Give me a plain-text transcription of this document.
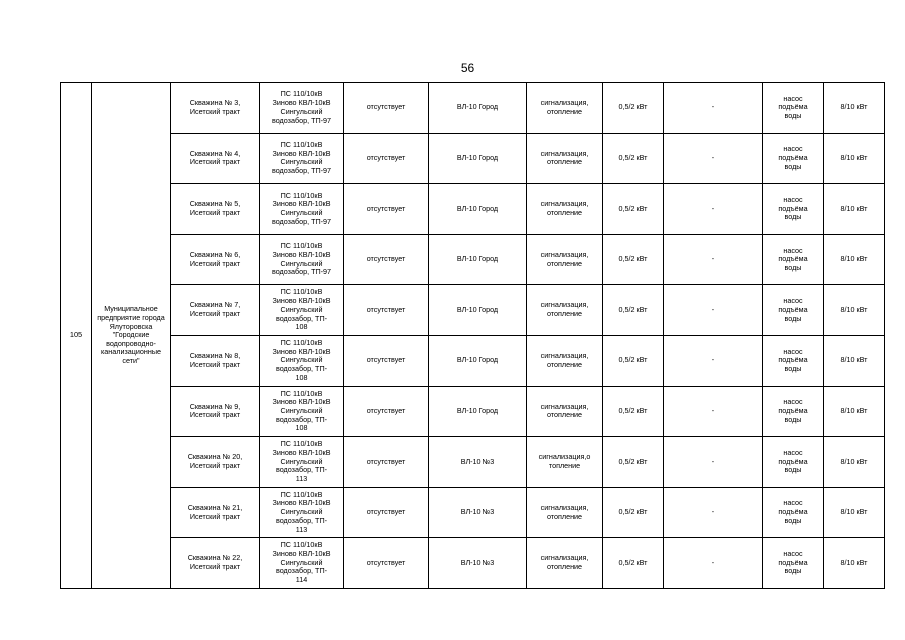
56
105	Муниципальное предприятие города Ялуторовска "Городские водопроводно-канализационные сети"	Скважина № 3,
Исетский тракт	ПС 110/10кВ
Зиново КВЛ-10кВ
Сингульский
водозабор, ТП-97	отсутствует	ВЛ-10 Город	сигнализация,
отопление	0,5/2 кВт	-	насос
подъёма
воды	8/10 кВт
		Скважина № 4,
Исетский тракт	ПС 110/10кВ
Зиново КВЛ-10кВ
Сингульский
водозабор, ТП-97	отсутствует	ВЛ-10 Город	сигнализация,
отопление	0,5/2 кВт	-	насос
подъёма
воды	8/10 кВт
		Скважина № 5,
Исетский тракт	ПС 110/10кВ
Зиново КВЛ-10кВ
Сингульский
водозабор, ТП-97	отсутствует	ВЛ-10 Город	сигнализация,
отопление	0,5/2 кВт	-	насос
подъёма
воды	8/10 кВт
		Скважина № 6,
Исетский тракт	ПС 110/10кВ
Зиново КВЛ-10кВ
Сингульский
водозабор, ТП-97	отсутствует	ВЛ-10 Город	сигнализация,
отопление	0,5/2 кВт	-	насос
подъёма
воды	8/10 кВт
		Скважина № 7,
Исетский тракт	ПС 110/10кВ
Зиново КВЛ-10кВ
Сингульский
водозабор, ТП-
108	отсутствует	ВЛ-10 Город	сигнализация,
отопление	0,5/2 кВт	-	насос
подъёма
воды	8/10 кВт
		Скважина № 8,
Исетский тракт	ПС 110/10кВ
Зиново КВЛ-10кВ
Сингульский
водозабор, ТП-
108	отсутствует	ВЛ-10 Город	сигнализация,
отопление	0,5/2 кВт	-	насос
подъёма
воды	8/10 кВт
		Скважина № 9,
Исетский тракт	ПС 110/10кВ
Зиново КВЛ-10кВ
Сингульский
водозабор, ТП-
108	отсутствует	ВЛ-10 Город	сигнализация,
отопление	0,5/2 кВт	-	насос
подъёма
воды	8/10 кВт
		Скважина № 20,
Исетский тракт	ПС 110/10кВ
Зиново КВЛ-10кВ
Сингульский
водозабор, ТП-
113	отсутствует	ВЛ-10 №3	сигнализация,о
топление	0,5/2 кВт	-	насос
подъёма
воды	8/10 кВт
		Скважина № 21,
Исетский тракт	ПС 110/10кВ
Зиново КВЛ-10кВ
Сингульский
водозабор, ТП-
113	отсутствует	ВЛ-10 №3	сигнализация,
отопление	0,5/2 кВт	-	насос
подъёма
воды	8/10 кВт
		Скважина № 22,
Исетский тракт	ПС 110/10кВ
Зиново КВЛ-10кВ
Сингульский
водозабор, ТП-
114	отсутствует	ВЛ-10 №3	сигнализация,
отопление	0,5/2 кВт	-	насос
подъёма
воды	8/10 кВт
